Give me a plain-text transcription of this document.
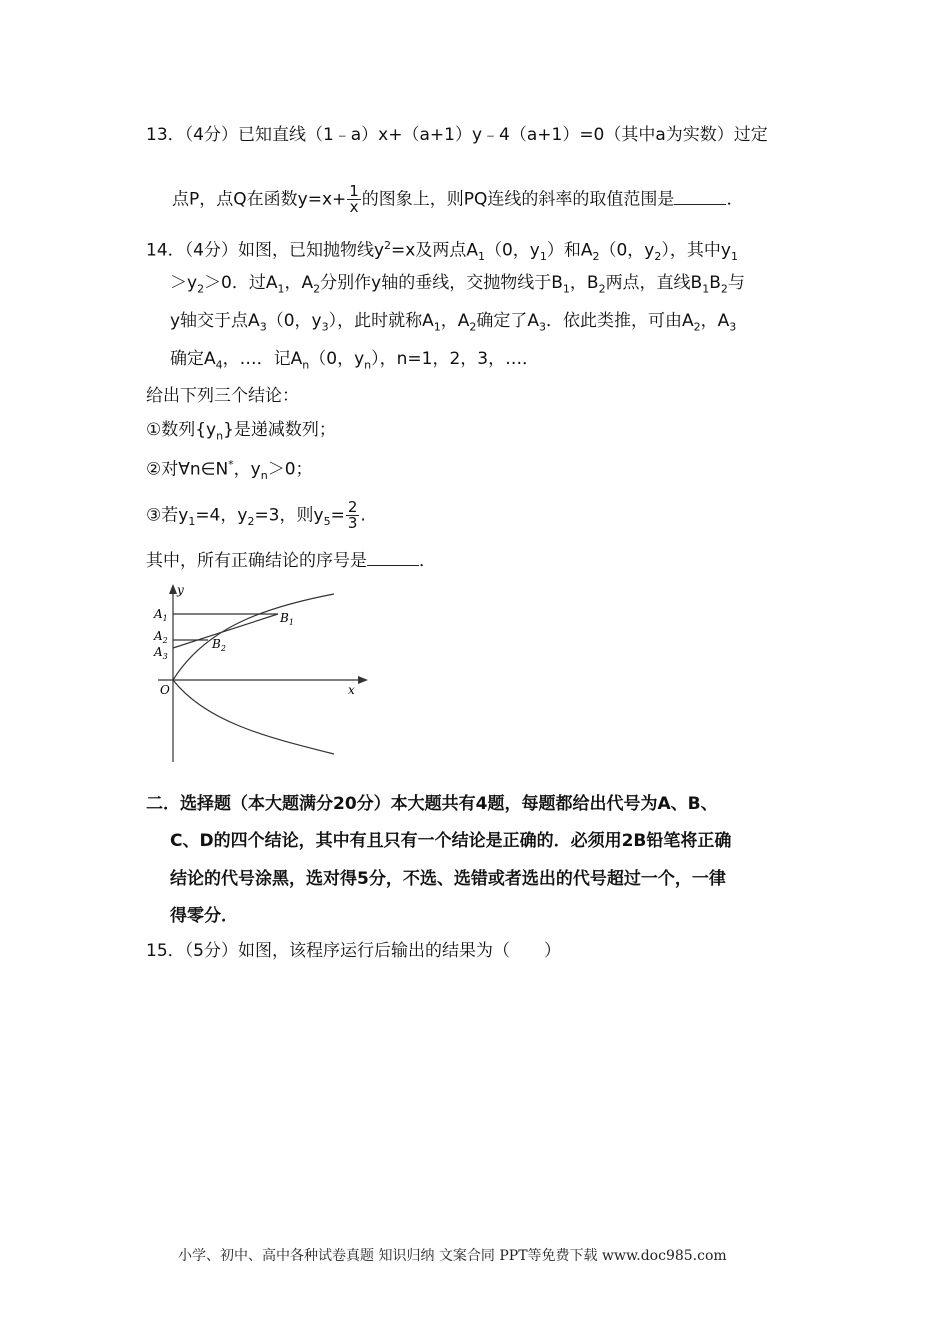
13．（4分）已知直线（1﹣a）x+（a+1）y﹣4（a+1）=0（其中a为实数）过定
点P，点Q在函数$y=x+ \frac{1}{x}$ 的图象上，则PQ连线的斜率的取值范围是	．
14．（4分）如图，已知抛物线$y^2=x$及两点$A_1(0$，$y_1$）和$A_2(0$，$y_2$），其中$y_1$
$>y_2>0$．过$A_1$，$A_2$分别作y轴的垂线，交抛物线于$B_1$，$B_2$两点，直线$B_1B_2$与
y轴交于点$A_3(0$，$y_3$），此时就称$A_1$，$A_2$确定了$A_3$．依此类推，可由$A_2$，$A_3$
确定$A_4$，…．记$A_n(0$，$y_n$），n=1，2，3，…．
给出下列三个结论：
①数列$\{y_n\}$是递减数列；
②对∀n∈N*，$y_n>0$；
③若$y_1=4$，$y_2=3$，则$y_5= \frac{2}{3}$ .
其中，所有正确结论的序号是	．
y
x
O
$A_1$
$A_2$
$A_3$
$B_1$
$B_2$
二．选择题（本大题满分20分）本大题共有4题，每题都给出代号为A、B、
C、D的四个结论，其中有且只有一个结论是正确的．必须用2B铅笔将正确
结论的代号涂黑，选对得5分，不选、选错或者选出的代号超过一个，一律
得零分．
15．（5分）如图，该程序运行后输出的结果为（　　）
小学、初中、高中各种试卷真题 知识归纳 文案合同 PPT等免费下载 www.doc985.com
